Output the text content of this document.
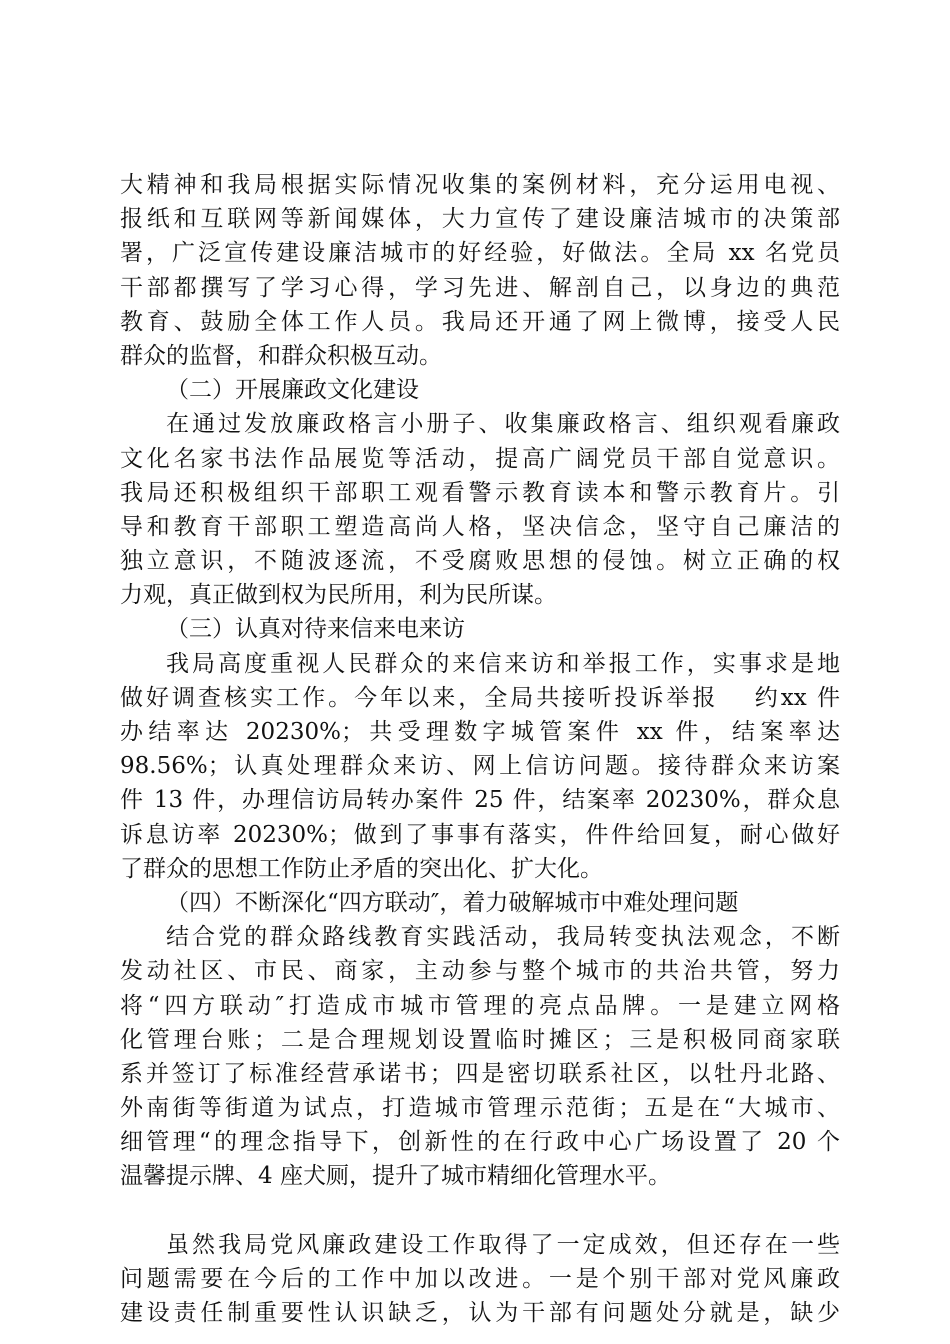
大精神和我局根据实际情况收集的案例材料，充分运用电视、
报纸和互联网等新闻媒体，大力宣传了建设廉洁城市的决策部
署，广泛宣传建设廉洁城市的好经验，好做法。全局 xx 名党员
干部都撰写了学习心得，学习先进、解剖自己，以身边的典范
教育、鼓励全体工作人员。我局还开通了网上微博，接受人民
群众的监督，和群众积极互动。
（二）开展廉政文化建设
在通过发放廉政格言小册子、收集廉政格言、组织观看廉政
文化名家书法作品展览等活动，提高广阔党员干部自觉意识。
我局还积极组织干部职工观看警示教育读本和警示教育片。引
导和教育干部职工塑造高尚人格，坚决信念，坚守自己廉洁的
独立意识，不随波逐流，不受腐败思想的侵蚀。树立正确的权
力观，真正做到权为民所用，利为民所谋。
（三）认真对待来信来电来访
我局高度重视人民群众的来信来访和举报工作，实事求是地
做好调查核实工作。今年以来，全局共接听投诉举报　 约xx 件
办结率达 20230%；共受理数字城管案件 xx 件，结案率达
98.56%；认真处理群众来访、网上信访问题。接待群众来访案
件 13 件，办理信访局转办案件 25 件，结案率 20230%，群众息
诉息访率 20230%；做到了事事有落实，件件给回复，耐心做好
了群众的思想工作防止矛盾的突出化、扩大化。
（四）不断深化“四方联动″，着力破解城市中难处理问题
结合党的群众路线教育实践活动，我局转变执法观念，不断
发动社区、市民、商家，主动参与整个城市的共治共管，努力
将“四方联动″打造成市城市管理的亮点品牌。一是建立网格
化管理台账；二是合理规划设置临时摊区；三是积极同商家联
系并签订了标准经营承诺书；四是密切联系社区，以牡丹北路、
外南街等街道为试点，打造城市管理示范街；五是在“大城市、
细管理“的理念指导下，创新性的在行政中心广场设置了 20 个
温馨提示牌、4 座犬厕，提升了城市精细化管理水平。
虽然我局党风廉政建设工作取得了一定成效，但还存在一些
问题需要在今后的工作中加以改进。一是个别干部对党风廉政
建设责任制重要性认识缺乏，认为干部有问题处分就是，缺少
